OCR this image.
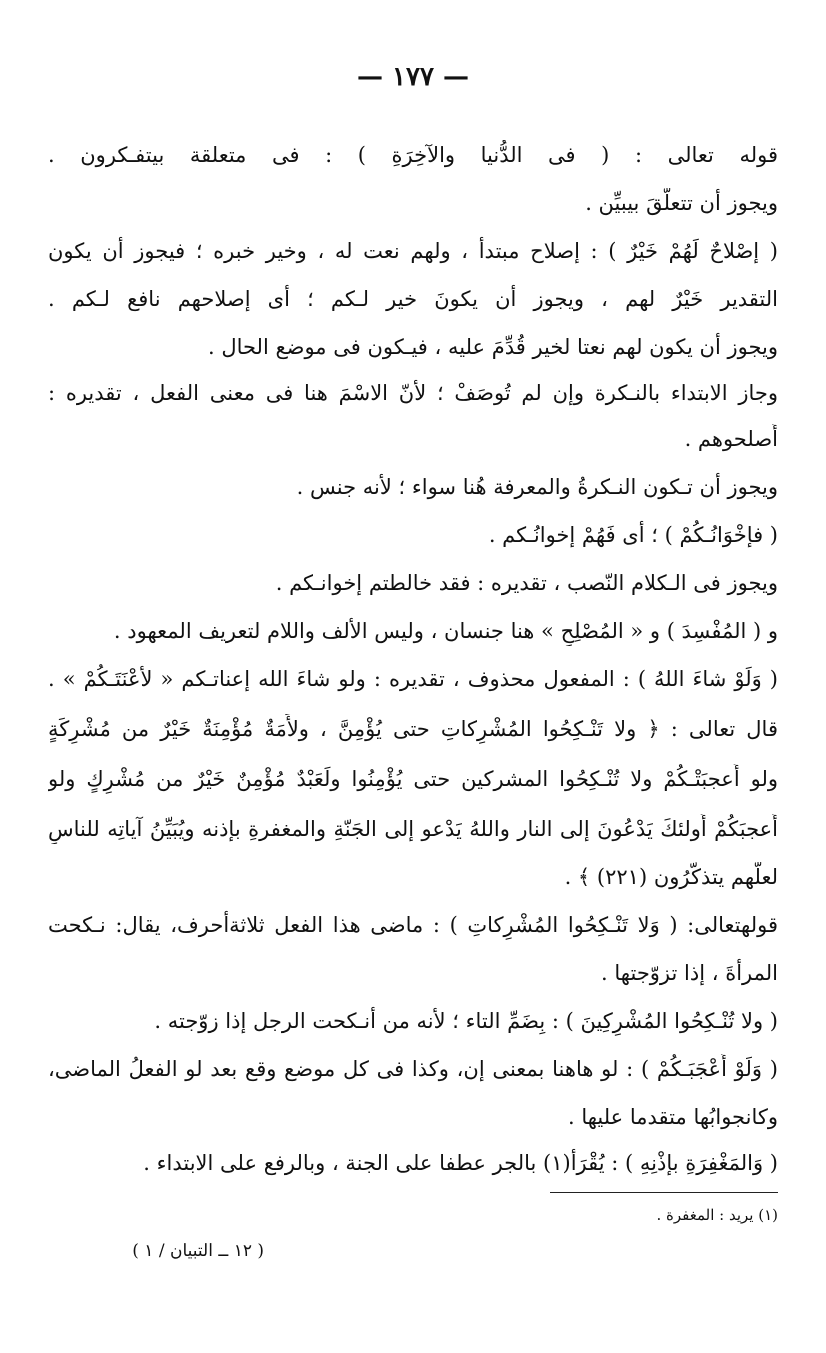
— ١٧٧ —
قوله تعالى : ( فى الدُّنيا والآخِرَةِ ) : فى متعلقة بيتفـكرون .
ويجوز أن تتعلّقَ بيبيِّن .
( إصْلاحٌ لَهُمْ خَيْرٌ ) : إصلاح مبتدأ ، ولهم نعت له ، وخير خبره ؛ فيجوز أن يكون
التقدير خَيْرٌ لهم ، ويجوز أن يكونَ خير لـكم ؛ أى إصلاحهم نافع لـكم .
ويجوز أن يكون لهم نعتا لخير قُدِّمَ عليه ، فيـكون فى موضع الحال .
وجاز الابتداء بالنـكرة وإن لم تُوصَفْ ؛ لأنّ الاسْمَ هنا فى معنى الفعل ، تقديره :
أَصلحوهم .
ويجوز أن تـكون النـكرةُ والمعرفة هُنا سواء ؛ لأنه جنس .
( فإخْوَانُـكُمْ ) ؛ أى فَهُمْ إخوانُـكم .
ويجوز فى الـكلام النّصب ، تقديره : فقد خالطتم إخوانـكم .
و ( المُفْسِدَ ) و « المُصْلِحِ » هنا جنسان ، وليس الألف واللام لتعريف المعهود .
( وَلَوْ شاءَ اللهُ ) : المفعول محذوف ، تقديره : ولو شاءَ الله إعناتـكم « لأعْنَتَـكُمْ » .
قال تعالى : ﴿ ولا تَنْـكِحُوا المُشْرِكاتِ حتى يُؤْمِنَّ ، ولأَمَةٌ مُؤْمِنَةٌ خَيْرٌ من مُشْرِكَةٍ
ولو أَعجبَتْـكُمْ ولا تُنْـكِحُوا المشركين حتى يُؤْمِنُوا ولَعَبْدٌ مُؤْمِنٌ خَيْرٌ من مُشْرِكٍ ولو
أَعجبَكُمْ أُولئكَ يَدْعُونَ إلى النار واللهُ يَدْعو إلى الجَنّةِ والمغفرةِ بإذنه ويُبَيِّنُ آياتِه للناسِ
لعلّهم يتذكّرُون (٢٢١) ﴾ .
قولهتعالى: ( وَلا تَنْـكِحُوا المُشْرِكاتِ ) : ماضى هذا الفعل ثلاثةأحرف، يقال: نـكحت
المرأةَ ، إذا تزوّجتها .
( ولا تُنْـكِحُوا المُشْرِكِينَ ) : بِضَمِّ التاء ؛ لأنه من أنـكحت الرجل إذا زوّجته .
( وَلَوْ أَعْجَبَـكُمْ ) : لو هاهنا بمعنى إن، وكذا فى كل موضع وقع بعد لو الفعلُ الماضى،
وكانجوابُها متقدما عليها .
( وَالمَغْفِرَةِ بإذْنِهِ ) : يُقْرَأ(١) بالجر عطفا على الجنة ، وبالرفع على الابتداء .
(١) يريد : المغفرة .
( ١٢ ــ التبيان / ١ )
